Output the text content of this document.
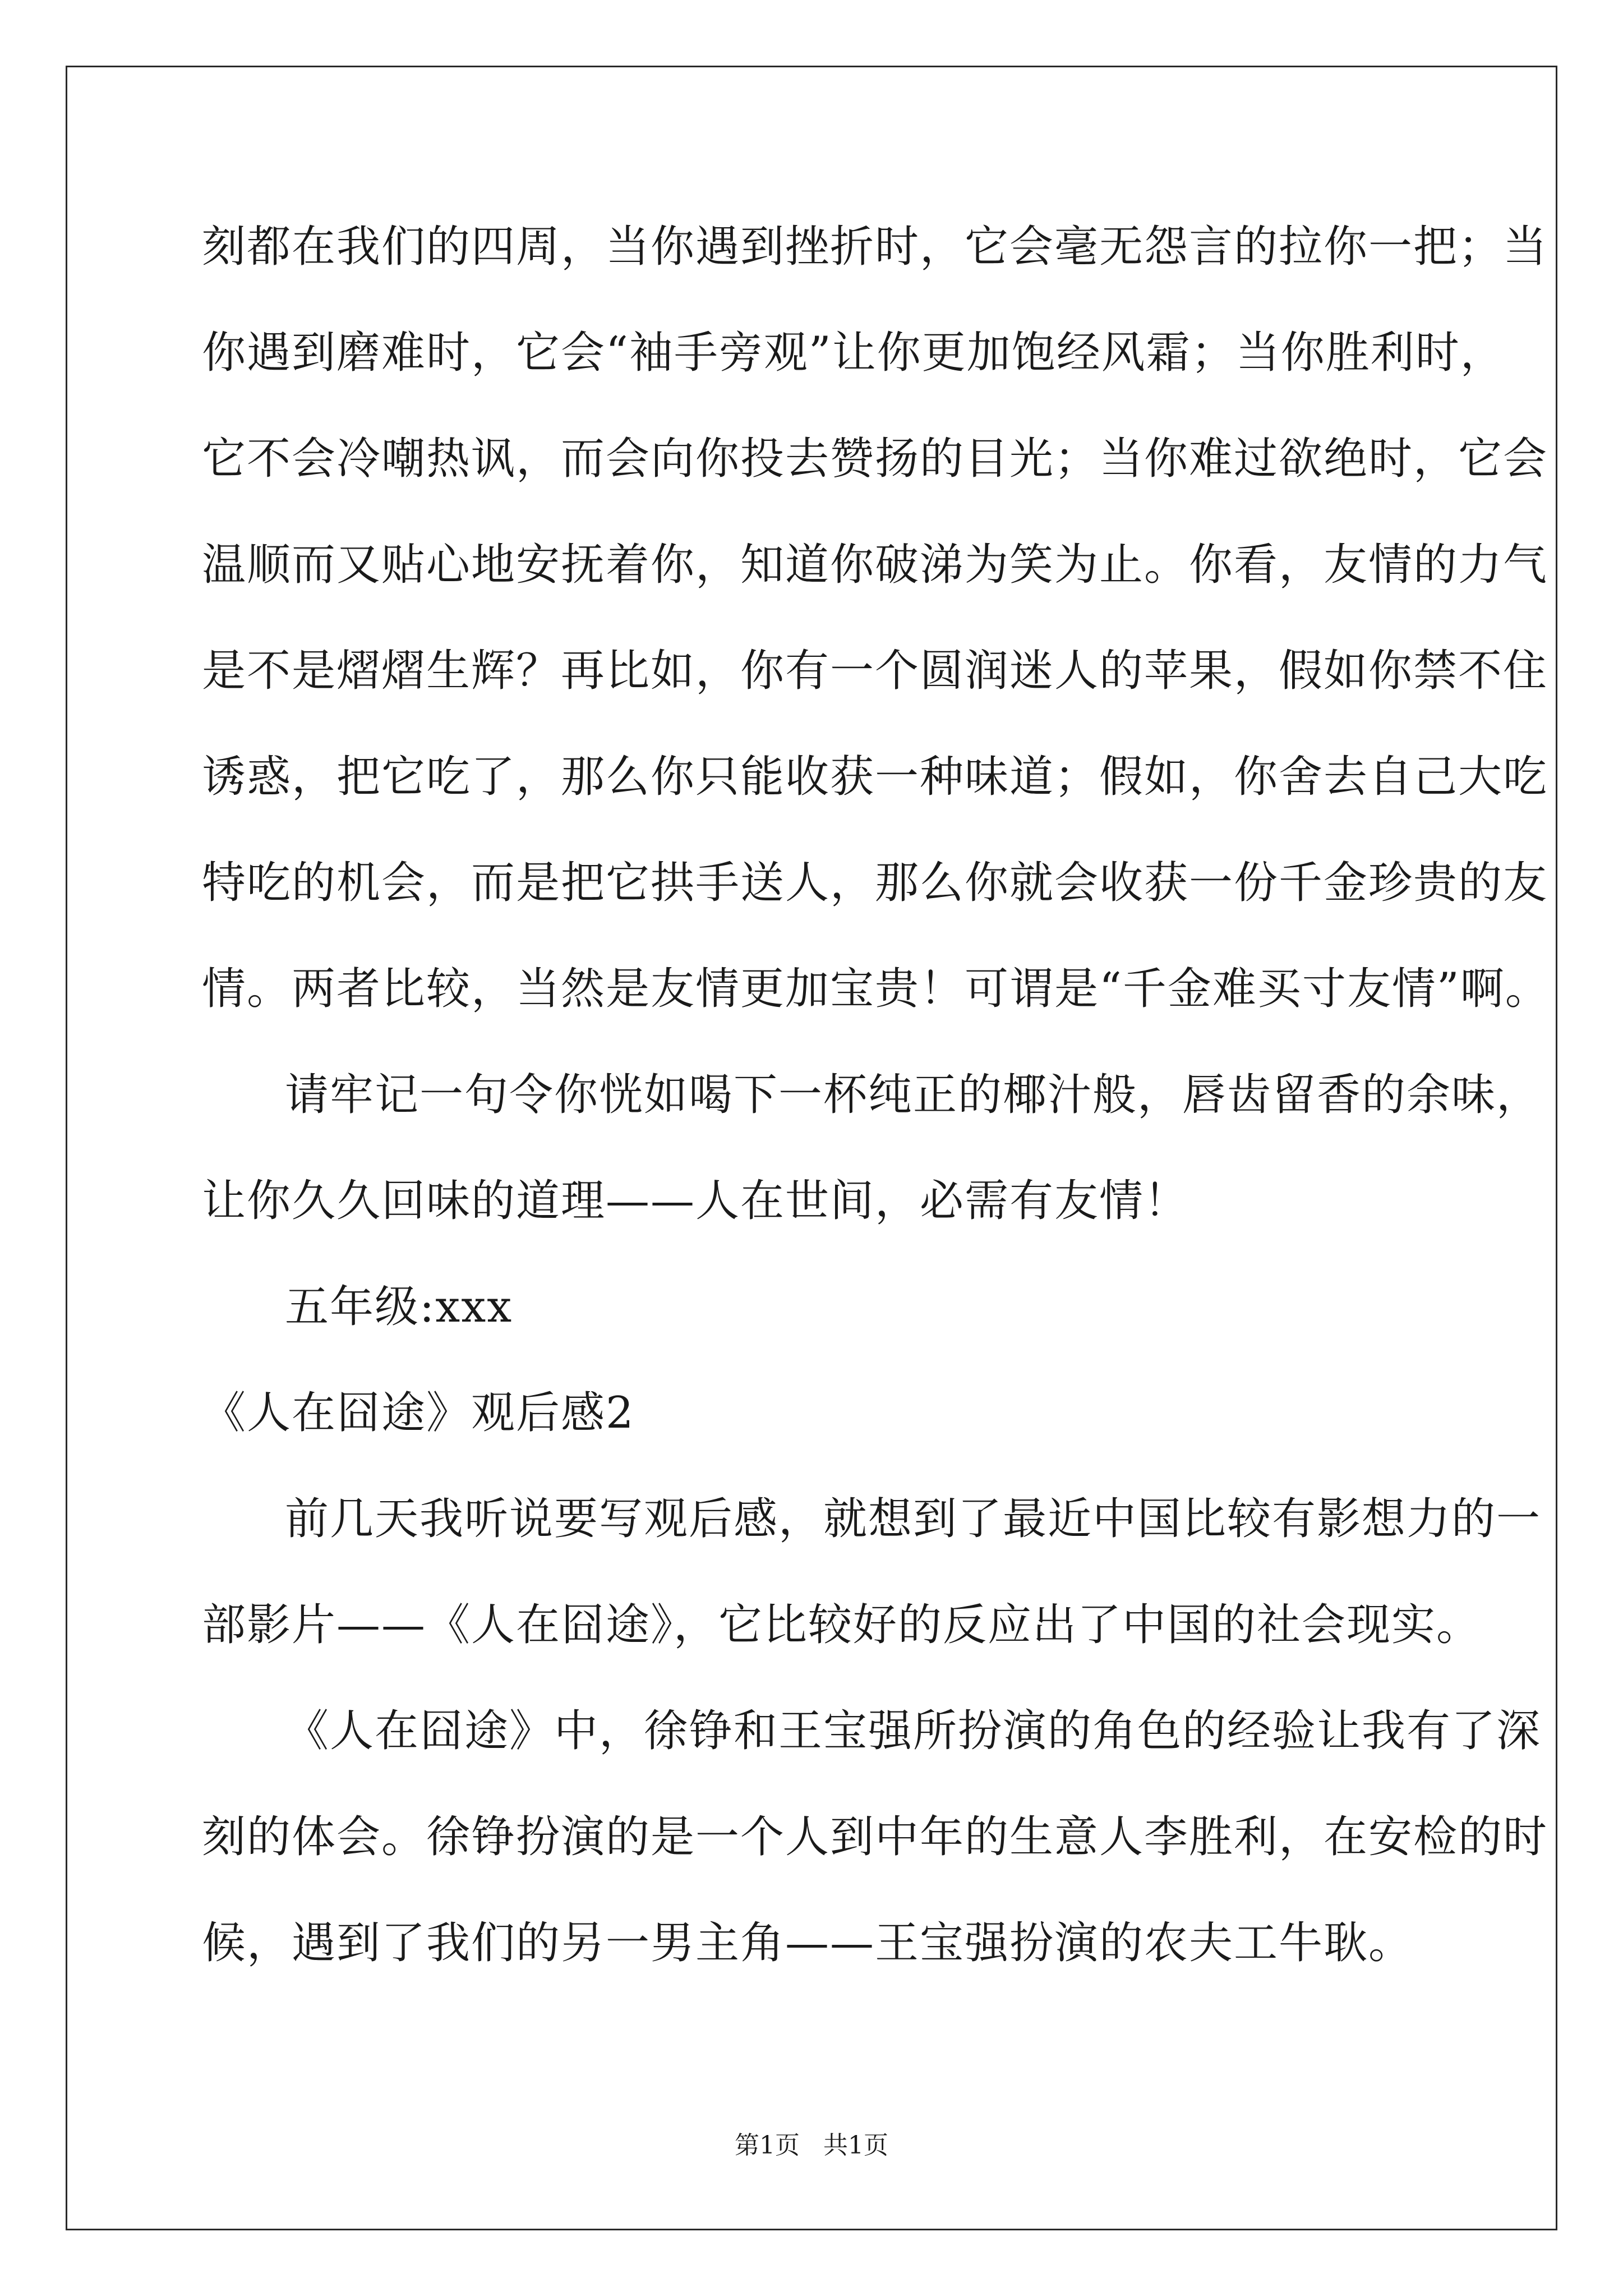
刻都在我们的四周，当你遇到挫折时，它会毫无怨言的拉你一把；当
你遇到磨难时，它会“袖手旁观”让你更加饱经风霜；当你胜利时，
它不会冷嘲热讽，而会向你投去赞扬的目光；当你难过欲绝时，它会
温顺而又贴心地安抚着你，知道你破涕为笑为止。你看，友情的力气
是不是熠熠生辉？再比如，你有一个圆润迷人的苹果，假如你禁不住
诱惑，把它吃了，那么你只能收获一种味道；假如，你舍去自己大吃
特吃的机会，而是把它拱手送人，那么你就会收获一份千金珍贵的友
情。两者比较，当然是友情更加宝贵！可谓是“千金难买寸友情”啊。
请牢记一句令你恍如喝下一杯纯正的椰汁般，唇齿留香的余味，
让你久久回味的道理——人在世间，必需有友情！
五年级:xxx
《人在囧途》观后感2
前几天我听说要写观后感，就想到了最近中国比较有影想力的一
部影片——《人在囧途》，它比较好的反应出了中国的社会现实。
《人在囧途》中，徐铮和王宝强所扮演的角色的经验让我有了深
刻的体会。徐铮扮演的是一个人到中年的生意人李胜利，在安检的时
候，遇到了我们的另一男主角——王宝强扮演的农夫工牛耿。
第1页 共1页
